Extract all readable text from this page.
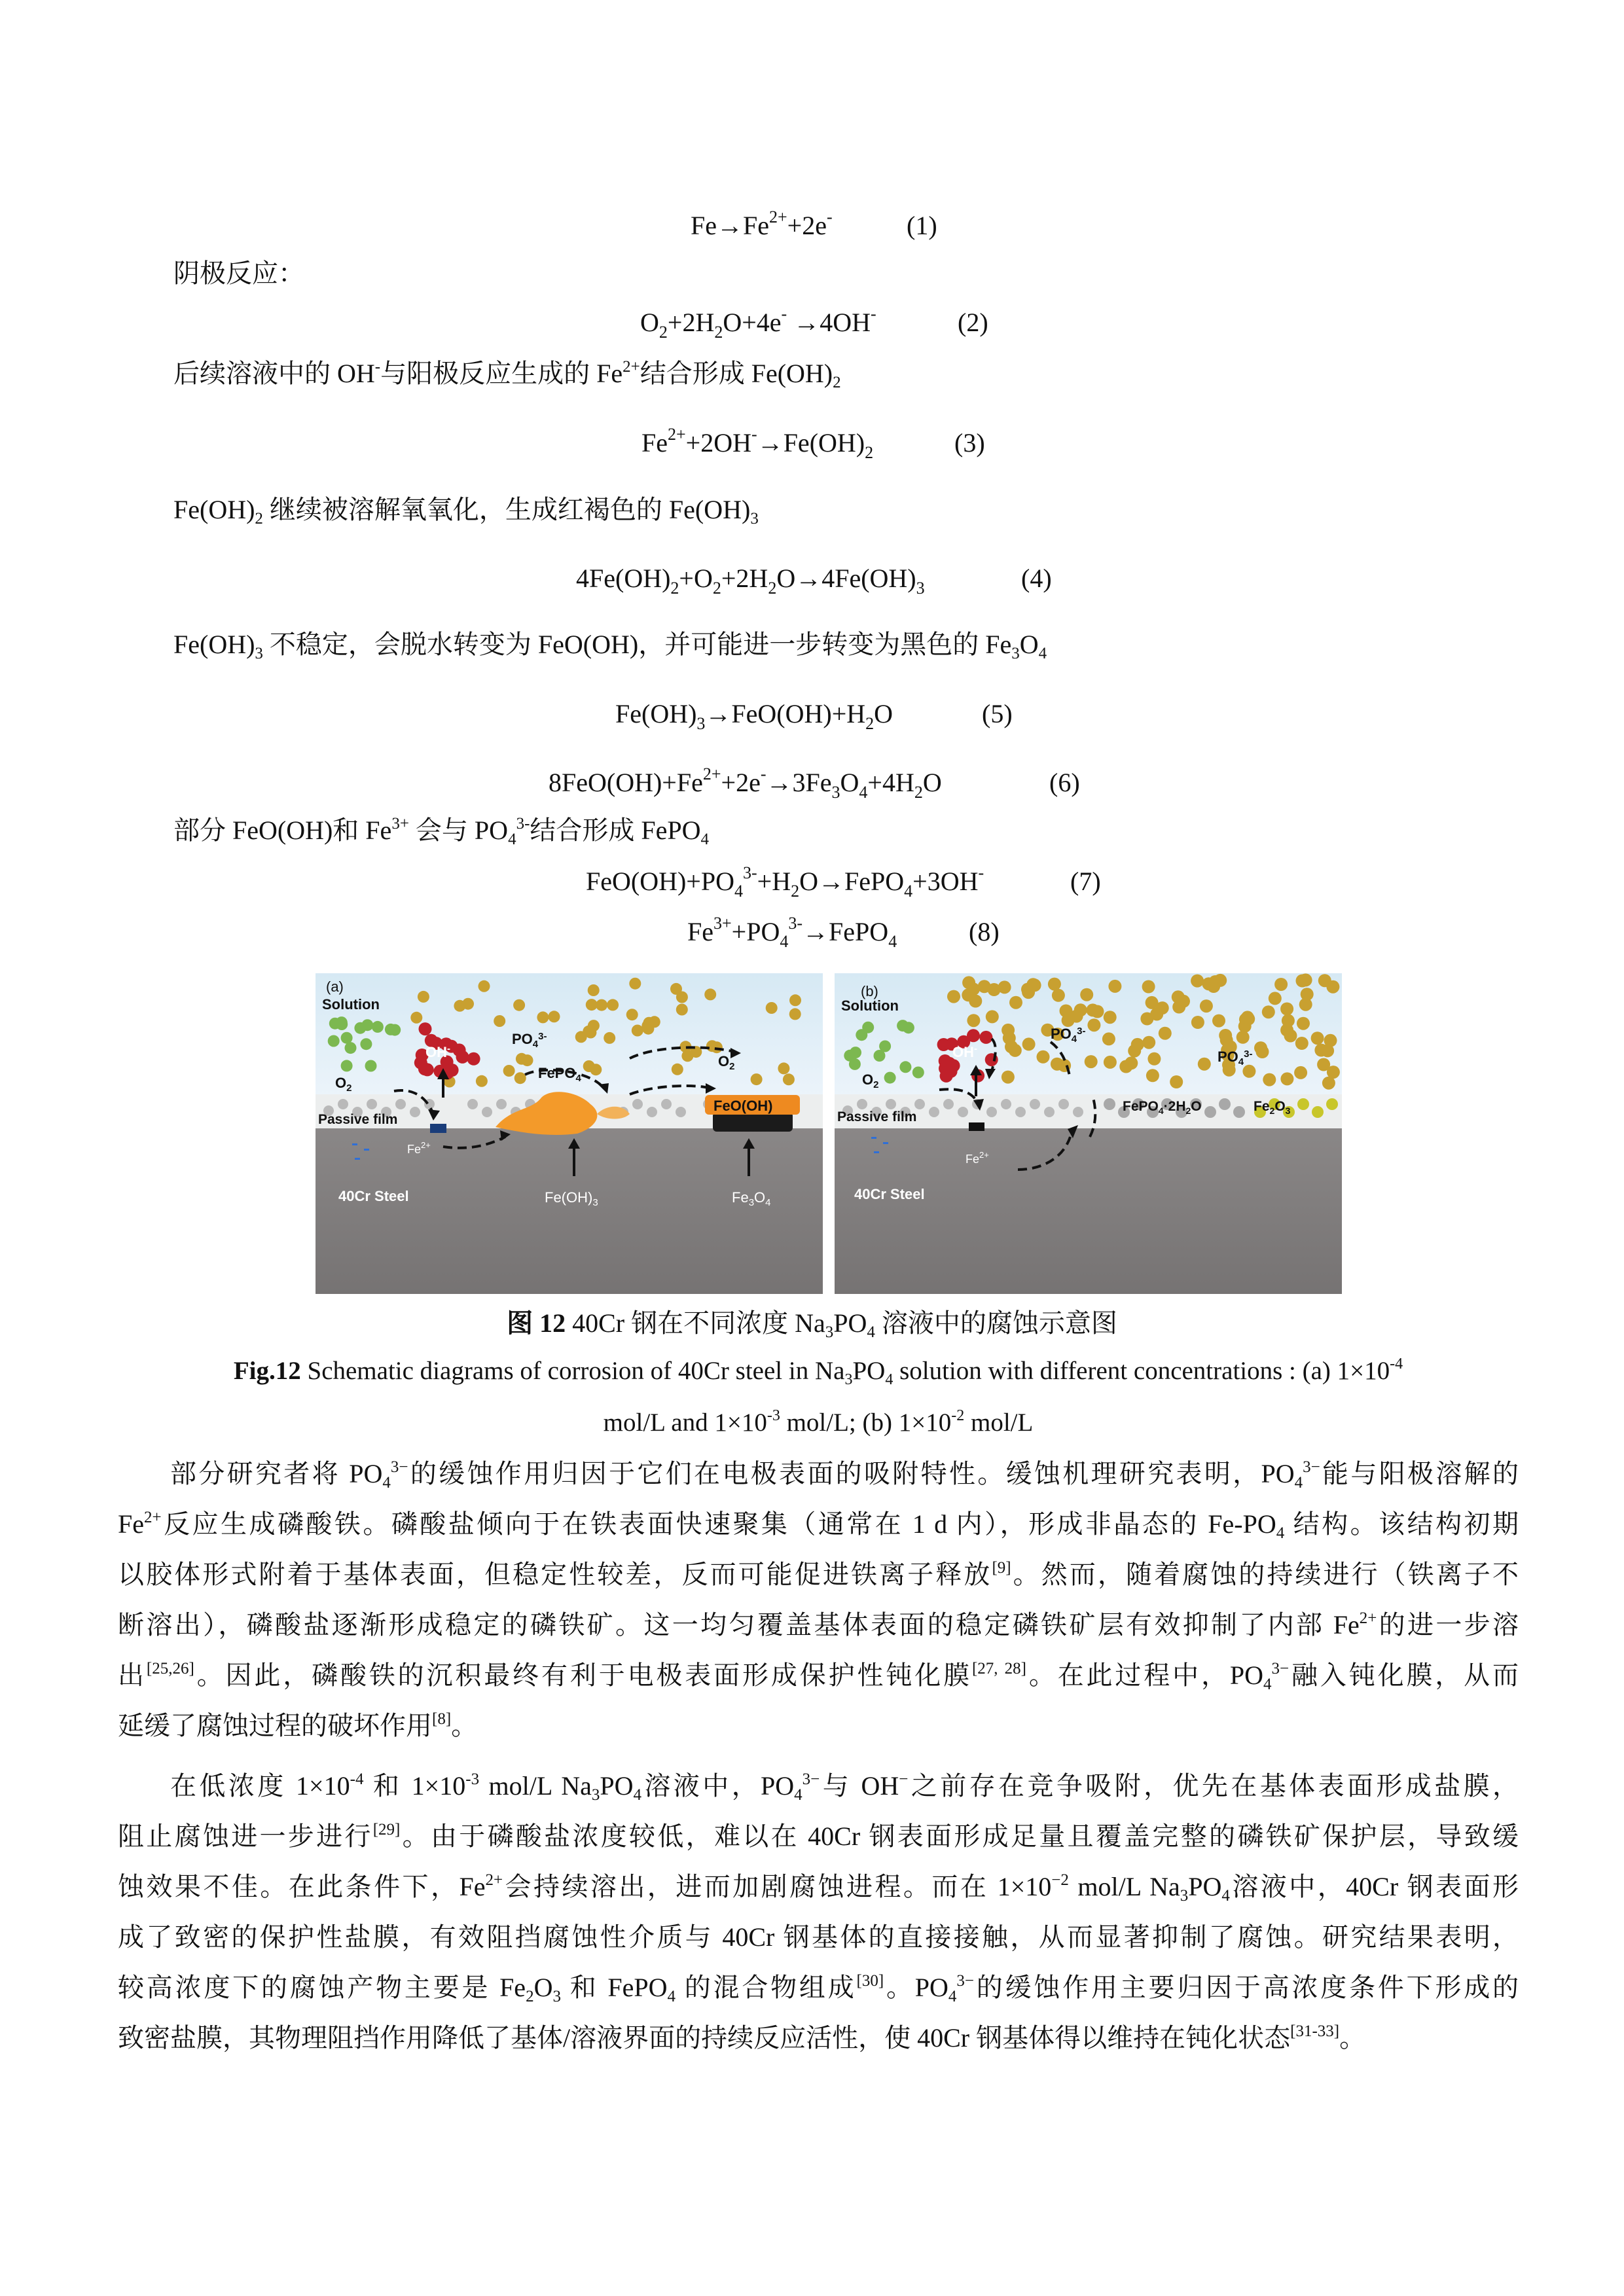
$Fe\to Fe^{2+}+2e^-$	(1)
阴极反应：
$O_2+2H_2O+4e^- \to 4OH^-$	(2)
后续溶液中的 OH-与阳极反应生成的 $Fe^{2+}$结合形成 $Fe(OH)_2$
$Fe^{2+}+2OH^-\to Fe(OH)_2$	(3)
$Fe(OH)_2$ 继续被溶解氧氧化，生成红褐色的 $Fe(OH)_3$
$4Fe(OH)_2+O_2+2H_2O\to 4Fe(OH)_3$	(4)
$Fe(OH)_3$ 不稳定，会脱水转变为 FeO(OH)，并可能进一步转变为黑色的 $Fe_3O_4$
$Fe(OH)_3\to FeO(OH)+H_2O$	(5)
$8FeO(OH)+Fe^{2+}+2e^-\to 3Fe_3O_4+4H_2O$	(6)
部分 FeO(OH)和 $Fe^{3+}$ 会与 $PO_4^{3-}$结合形成 FePO$_4$
$FeO(OH)+PO_4^{3-}+H_2O\to FePO_4+3OH^-$	(7)
$Fe^{3+}+PO_4^{3-}\to FePO_4$	(8)
(a)
Solution
OH-
$PO_4^{3-}$
FePO$_4$
$O_2$
$O_2$
FeO(OH)
Passive film
$Fe^{2+}$
40Cr Steel	$Fe(OH)_3$	$Fe_3O_4$
(b)
Solution
OH-
$PO_4^{3-}$
$PO_4^{3-}$
$O_2$
Passive film
$FePO_4\cdot 2H_2O$	$Fe_2O_3$
$Fe^{2+}$
40Cr Steel
图 12 40Cr 钢在不同浓度 $Na_3PO_4$ 溶液中的腐蚀示意图
Fig.12 Schematic diagrams of corrosion of 40Cr steel in $Na_3PO_4$ solution with different concentrations : (a) $1\times 10^{-4}$
mol/L and $1\times 10^{-3}$ mol/L; (b) $1\times 10^{-2}$ mol/L
部分研究者将 $PO_4^{3-}$的缓蚀作用归因于它们在电极表面的吸附特性。缓蚀机理研究表明，$PO_4^{3-}$能与阳极溶解的
$Fe^{2+}$反应生成磷酸铁。磷酸盐倾向于在铁表面快速聚集（通常在 1 d 内），形成非晶态的 $Fe-PO_4$ 结构。该结构初期
以胶体形式附着于基体表面，但稳定性较差，反而可能促进铁离子释放[9]。然而，随着腐蚀的持续进行（铁离子不
断溶出），磷酸盐逐渐形成稳定的磷铁矿。这一均匀覆盖基体表面的稳定磷铁矿层有效抑制了内部 $Fe^{2+}$的进一步溶
出[25,26]。因此，磷酸铁的沉积最终有利于电极表面形成保护性钝化膜[27, 28]。在此过程中，$PO_4^{3-}$融入钝化膜，从而
延缓了腐蚀过程的破坏作用[8]。
在低浓度 $1\times 10^{-4}$ 和 $1\times 10^{-3}$ mol/L $Na_3PO_4$溶液中，$PO_4^{3-}$与 OH−之前存在竞争吸附，优先在基体表面形成盐膜，
阻止腐蚀进一步进行[29]。由于磷酸盐浓度较低，难以在 40Cr 钢表面形成足量且覆盖完整的磷铁矿保护层，导致缓
蚀效果不佳。在此条件下，$Fe^{2+}$会持续溶出，进而加剧腐蚀进程。而在 $1\times 10^{-2}$ mol/L $Na_3PO_4$溶液中，40Cr 钢表面形
成了致密的保护性盐膜，有效阻挡腐蚀性介质与 40Cr 钢基体的直接接触，从而显著抑制了腐蚀。研究结果表明，
较高浓度下的腐蚀产物主要是 $Fe_2O_3$ 和 FePO$_4$ 的混合物组成[30]。$PO_4^{3-}$的缓蚀作用主要归因于高浓度条件下形成的
致密盐膜，其物理阻挡作用降低了基体/溶液界面的持续反应活性，使 40Cr 钢基体得以维持在钝化状态[31-33]。
